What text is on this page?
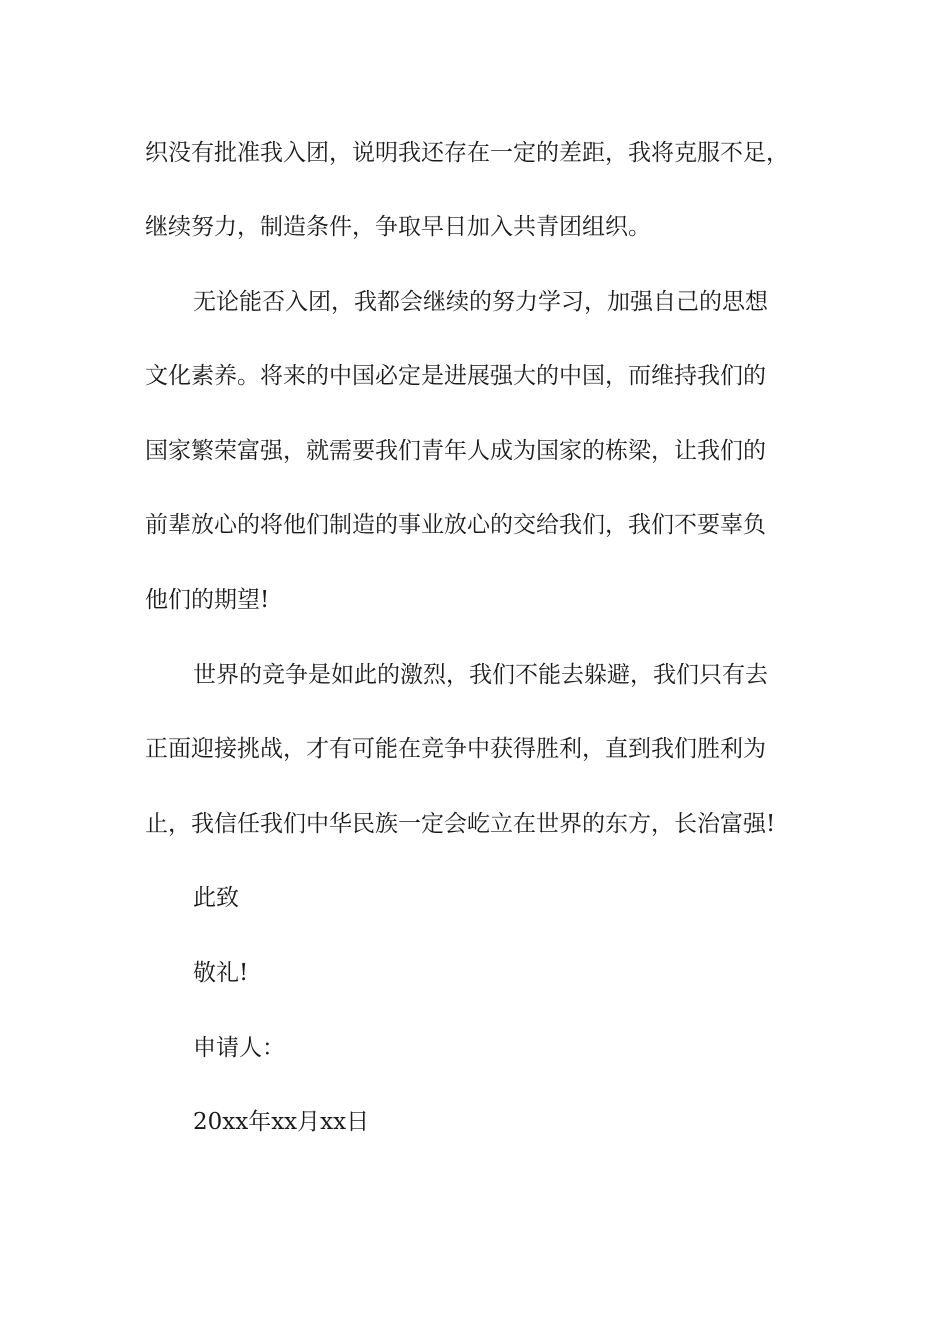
织没有批准我入团，说明我还存在一定的差距，我将克服不足，
继续努力，制造条件，争取早日加入共青团组织。
无论能否入团，我都会继续的努力学习，加强自己的思想
文化素养。将来的中国必定是进展强大的中国，而维持我们的
国家繁荣富强，就需要我们青年人成为国家的栋梁，让我们的
前辈放心的将他们制造的事业放心的交给我们，我们不要辜负
他们的期望!
世界的竞争是如此的激烈，我们不能去躲避，我们只有去
正面迎接挑战，才有可能在竞争中获得胜利，直到我们胜利为
止，我信任我们中华民族一定会屹立在世界的东方，长治富强!
此致
敬礼!
申请人：
20xx年xx月xx日
